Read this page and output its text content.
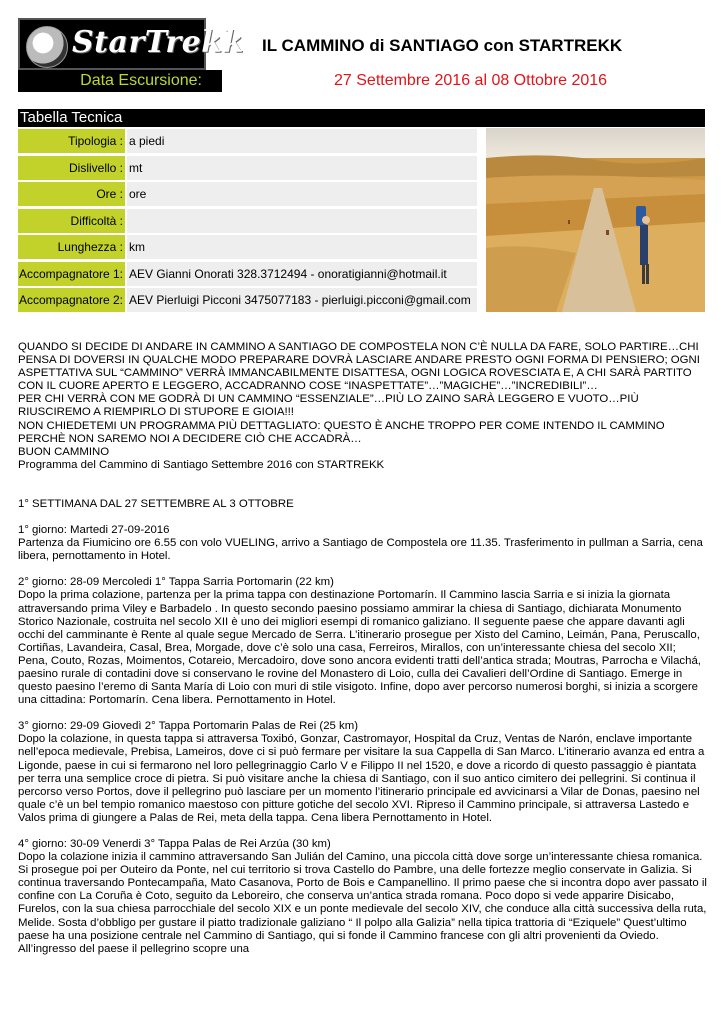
StarTrekk IL CAMMINO di SANTIAGO con STARTREKK
Data Escursione:	27 Settembre 2016 al 08 Ottobre 2016
Tabella Tecnica
Tipologia : a piedi
Dislivello : mt
Ore : ore
Difficoltà :
Lunghezza : km
Accompagnatore 1: AEV Gianni Onorati 328.3712494 - onoratigianni@hotmail.it
Accompagnatore 2: AEV Pierluigi Picconi 3475077183 - pierluigi.picconi@gmail.com

QUANDO SI DECIDE DI ANDARE IN CAMMINO A SANTIAGO DE COMPOSTELA NON C’È NULLA DA FARE, SOLO PARTIRE…CHI PENSA DI DOVERSI IN QUALCHE MODO PREPARARE DOVRÀ LASCIARE ANDARE PRESTO OGNI FORMA DI PENSIERO; OGNI ASPETTATIVA SUL “CAMMINO” VERRÀ IMMANCABILMENTE DISATTESA, OGNI LOGICA ROVESCIATA E, A CHI SARÀ PARTITO CON IL CUORE APERTO E LEGGERO, ACCADRANNO COSE “INASPETTATE”…”MAGICHE”…”INCREDIBILI”…

PER CHI VERRÀ CON ME GODRÀ DI UN CAMMINO “ESSENZIALE”…PIÙ LO ZAINO SARÀ LEGGERO E VUOTO…PIÙ RIUSCIREMO A RIEMPIRLO DI STUPORE E GIOIA!!!

NON CHIEDETEMI UN PROGRAMMA PIÙ DETTAGLIATO: QUESTO È ANCHE TROPPO PER COME INTENDO IL CAMMINO PERCHÈ NON SAREMO NOI A DECIDERE CIÒ CHE ACCADRÀ…

BUON CAMMINO

Programma del Cammino di Santiago Settembre 2016 con STARTREKK

1° SETTIMANA DAL 27 SETTEMBRE AL 3 OTTOBRE

1° giorno: Martedi 27-09-2016

Partenza da Fiumicino ore 6.55 con volo VUELING, arrivo a Santiago de Compostela ore 11.35. Trasferimento in pullman a Sarria, cena libera, pernottamento in Hotel.

2° giorno: 28-09 Mercoledi 1° Tappa Sarria Portomarin (22 km)

Dopo la prima colazione, partenza per la prima tappa con destinazione Portomarín. Il Cammino lascia Sarria e si inizia la giornata attraversando prima Viley e Barbadelo . In questo secondo paesino possiamo ammirar la chiesa di Santiago, dichiarata Monumento Storico Nazionale, costruita nel secolo XII è uno dei migliori esempi di romanico galiziano. Il seguente paese che appare davanti agli occhi del camminante è Rente al quale segue Mercado de Serra. L’itinerario prosegue per Xisto del Camino, Leimán, Pana, Peruscallo, Cortiñas, Lavandeira, Casal, Brea, Morgade, dove c’è solo una casa, Ferreiros, Mirallos, con un’interessante chiesa del secolo XII; Pena, Couto, Rozas, Moimentos, Cotareio, Mercadoiro, dove sono ancora evidenti tratti dell’antica strada; Moutras, Parrocha e Vilachá, paesino rurale di contadini dove si conservano le rovine del Monastero di Loio, culla dei Cavalieri dell’Ordine di Santiago. Emerge in questo paesino l’eremo di Santa María di Loio con muri di stile visigoto. Infine, dopo aver percorso numerosi borghi, si inizia a scorgere una cittadina: Portomarín. Cena libera. Pernottamento in Hotel.

3° giorno: 29-09 Giovedì 2° Tappa Portomarin Palas de Rei (25 km)

Dopo la colazione, in questa tappa si attraversa Toxibó, Gonzar, Castromayor, Hospital da Cruz, Ventas de Narón, enclave importante nell’epoca medievale, Prebisa, Lameiros, dove ci si può fermare per visitare la sua Cappella di San Marco. L’itinerario avanza ed entra a Ligonde, paese in cui si fermarono nel loro pellegrinaggio Carlo V e Filippo II nel 1520, e dove a ricordo di questo passaggio è piantata per terra una semplice croce di pietra. Si può visitare anche la chiesa di Santiago, con il suo antico cimitero dei pellegrini. Si continua il percorso verso Portos, dove il pellegrino può lasciare per un momento l’itinerario principale ed avvicinarsi a Vilar de Donas, paesino nel quale c’è un bel tempio romanico maestoso con pitture gotiche del secolo XVI. Ripreso il Cammino principale, si attraversa Lastedo e Valos prima di giungere a Palas de Rei, meta della tappa. Cena libera Pernottamento in Hotel.

4° giorno: 30-09 Venerdi 3° Tappa Palas de Rei Arzúa (30 km)

Dopo la colazione inizia il cammino attraversando San Julián del Camino, una piccola città dove sorge un’interessante chiesa romanica. Si prosegue poi per Outeiro da Ponte, nel cui territorio si trova Castello do Pambre, una delle fortezze meglio conservate in Galizia. Si continua traversando Pontecampaña, Mato Casanova, Porto de Bois e Campanellino. Il primo paese che si incontra dopo aver passato il confine con La Coruña è Coto, seguito da Leboreiro, che conserva un’antica strada romana. Poco dopo si vede apparire Disicabo, Furelos, con la sua chiesa parrocchiale del secolo XIX e un ponte medievale del secolo XIV, che conduce alla città successiva della ruta, Melide. Sosta d’obbligo per gustare il piatto tradizionale galiziano “ Il polpo alla Galizia” nella tipica trattoria di “Eziquele” Quest’ultimo paese ha una posizione centrale nel Cammino di Santiago, qui si fonde il Cammino francese con gli altri provenienti da Oviedo. All’ingresso del paese il pellegrino scopre una
